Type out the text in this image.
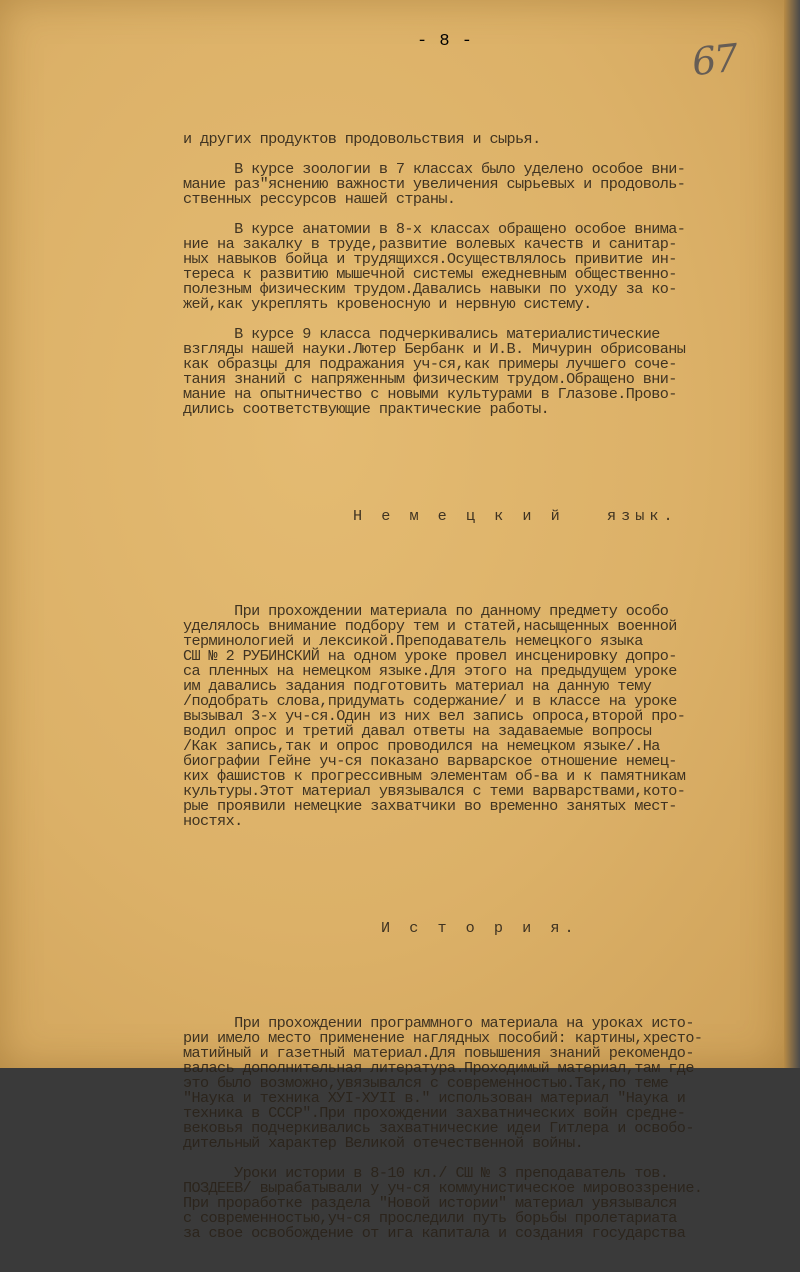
- 8 -	67

и других продуктов продовольствия и сырья.
В курсе зоологии в 7 классах было уделено особое вни-
мание раз"яснению важности увеличения сырьевых и продоволь-
ственных рессурсов нашей страны.
В курсе анатомии в 8-х классах обращено особое внима-
ние на закалку в труде,развитие волевых качеств и санитар-
ных навыков бойца и трудящихся.Осуществлялось привитие ин-
тереса к развитию мышечной системы ежедневным общественно-
полезным физическим трудом.Давались навыки по уходу за ко-
жей,как укреплять кровеносную и нервную систему.
В курсе 9 класса подчеркивались материалистические
взгляды нашей науки.Лютер Бербанк и И.В. Мичурин обрисованы
как образцы для подражания уч-ся,как примеры лучшего соче-
тания знаний с напряженным физическим трудом.Обращено вни-
мание на опытничество с новыми культурами в Глазове.Прово-
дились соответствующие практические работы.

Н е м е ц к и й   язык.

При прохождении материала по данному предмету особо
уделялось внимание подбору тем и статей,насыщенных военной
терминологией и лексикой.Преподаватель немецкого языка
СШ № 2 РУБИНСКИЙ на одном уроке провел инсценировку допро-
са пленных на немецком языке.Для этого на предыдущем уроке
им давались задания подготовить материал на данную тему
/подобрать слова,придумать содержание/ и в классе на уроке
вызывал 3-х уч-ся.Один из них вел запись опроса,второй про-
водил опрос и третий давал ответы на задаваемые вопросы
/Как запись,так и опрос проводился на немецком языке/.На
биографии Гейне уч-ся показано варварское отношение немец-
ких фашистов к прогрессивным элементам об-ва и к памятникам
культуры.Этот материал увязывался с теми варварствами,кото-
рые проявили немецкие захватчики во временно занятых мест-
ностях.

И с т о р и я.

При прохождении программного материала на уроках исто-
рии имело место применение наглядных пособий: картины,хресто-
матийный и газетный материал.Для повышения знаний рекомендо-
валась дополнительная литература.Проходимый материал,там где
это было возможно,увязывался с современностью.Так,по теме
"Наука и техника ХУI-ХУII в." использован материал "Наука и
техника в СССР".При прохождении захватнических войн средне-
вековья подчеркивались захватнические идеи Гитлера и освобо-
дительный характер Великой отечественной войны.
Уроки истории в 8-10 кл./ СШ № 3 преподаватель тов.
ПОЗДЕЕВ/ вырабатывали у уч-ся коммунистическое мировоззрение.
При проработке раздела "Новой истории" материал увязывался
с современностью,уч-ся проследили путь борьбы пролетариата
за свое освобождение от ига капитала и создания государства
